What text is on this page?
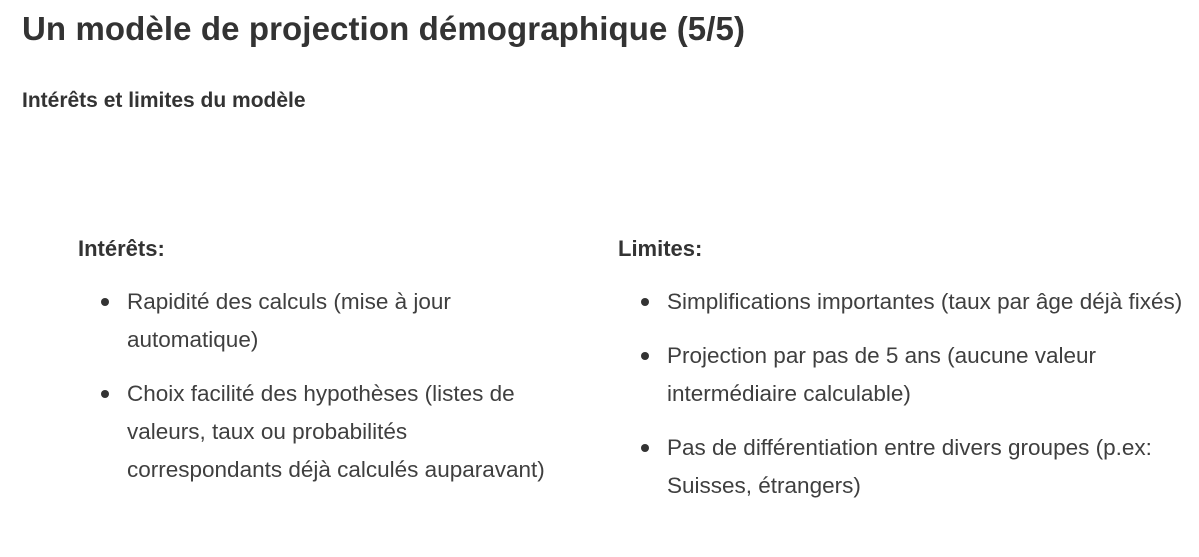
Un modèle de projection démographique (5/5)
Intérêts et limites du modèle
Intérêts:
Rapidité des calculs (mise à jour automatique)
Choix facilité des hypothèses (listes de valeurs, taux ou probabilités correspondants déjà calculés auparavant)
Limites:
Simplifications importantes (taux par âge déjà fixés)
Projection par pas de 5 ans (aucune valeur intermédiaire calculable)
Pas de différentiation entre divers groupes (p.ex: Suisses, étrangers)
